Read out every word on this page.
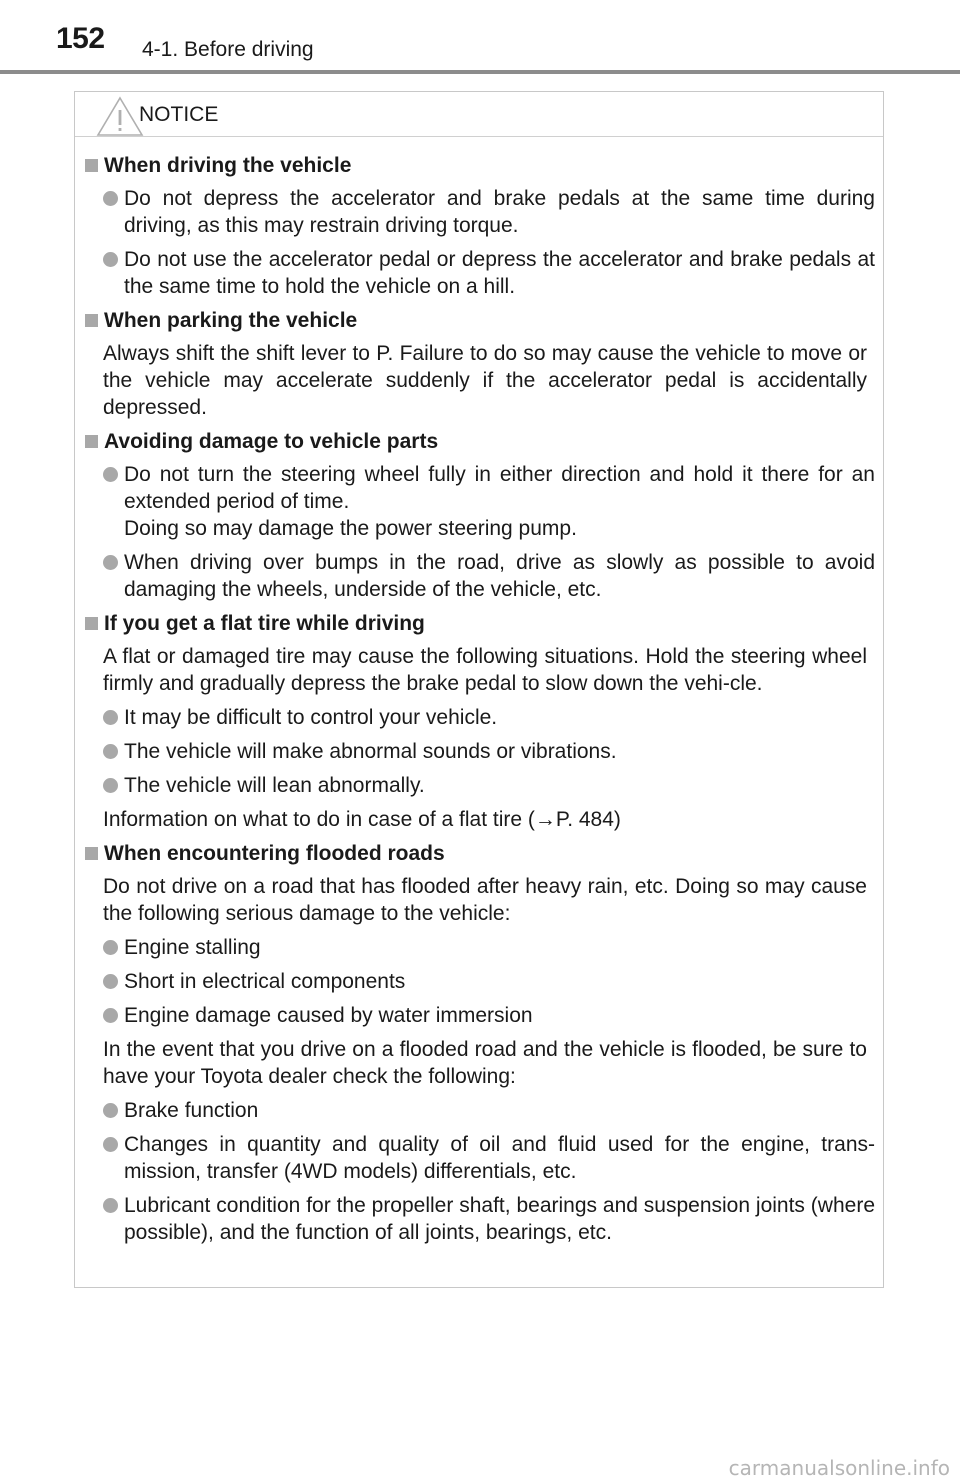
152 4-1. Before driving
NOTICE
When driving the vehicle
Do not depress the accelerator and brake pedals at the same time during driving, as this may restrain driving torque.
Do not use the accelerator pedal or depress the accelerator and brake pedals at the same time to hold the vehicle on a hill.
When parking the vehicle
Always shift the shift lever to P. Failure to do so may cause the vehicle to move or the vehicle may accelerate suddenly if the accelerator pedal is accidentally depressed.
Avoiding damage to vehicle parts
Do not turn the steering wheel fully in either direction and hold it there for an extended period of time.
Doing so may damage the power steering pump.
When driving over bumps in the road, drive as slowly as possible to avoid damaging the wheels, underside of the vehicle, etc.
If you get a flat tire while driving
A flat or damaged tire may cause the following situations. Hold the steering wheel firmly and gradually depress the brake pedal to slow down the vehi-cle.
It may be difficult to control your vehicle.
The vehicle will make abnormal sounds or vibrations.
The vehicle will lean abnormally.
Information on what to do in case of a flat tire (→P. 484)
When encountering flooded roads
Do not drive on a road that has flooded after heavy rain, etc. Doing so may cause the following serious damage to the vehicle:
Engine stalling
Short in electrical components
Engine damage caused by water immersion
In the event that you drive on a flooded road and the vehicle is flooded, be sure to have your Toyota dealer check the following:
Brake function
Changes in quantity and quality of oil and fluid used for the engine, trans-mission, transfer (4WD models) differentials, etc.
Lubricant condition for the propeller shaft, bearings and suspension joints (where possible), and the function of all joints, bearings, etc.
carmanualsonline.info
